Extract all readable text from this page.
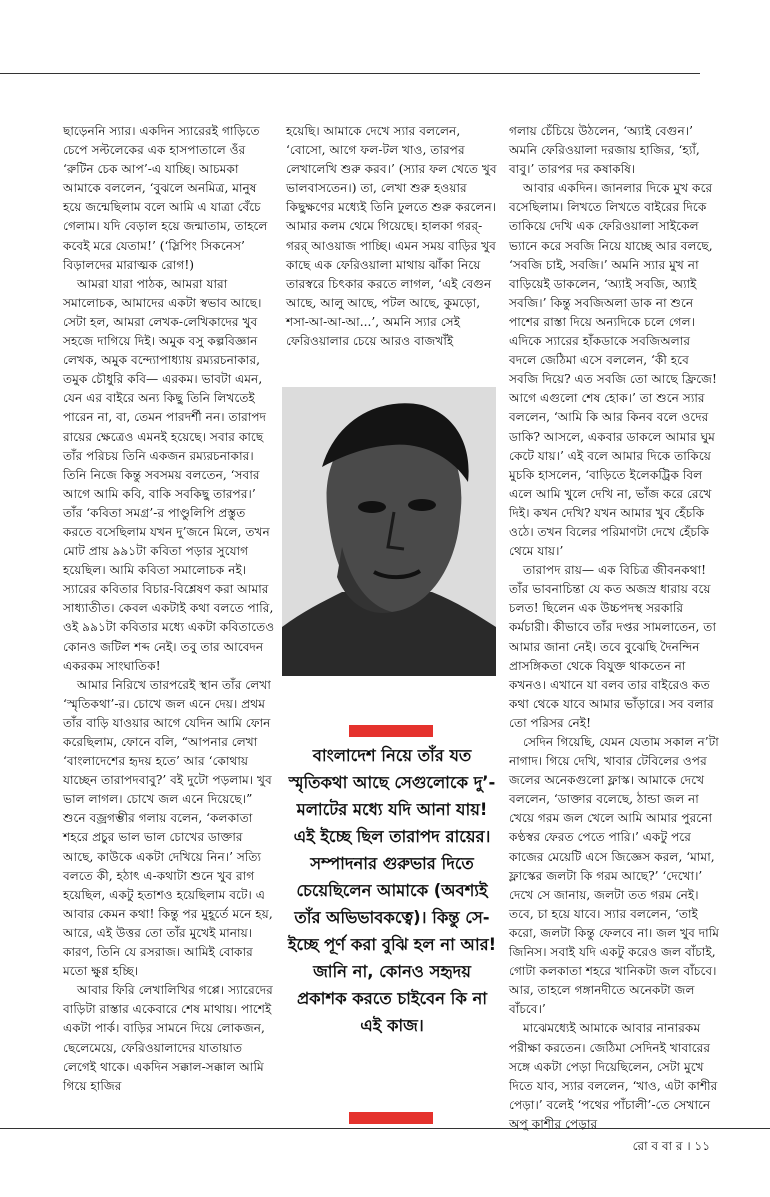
ছাড়েননি স্যার। একদিন স্যারেরই গাড়িতে চেপে সল্টলেকের এক হাসপাতালে ওঁর ‘রুটিন চেক আপ’-এ যাচ্ছি। আচমকা আমাকে বললেন, ‘বুঝলে অনমিত্র, মানুষ হয়ে জন্মেছিলাম বলে আমি এ যাত্রা বেঁচে গেলাম। যদি বেড়াল হয়ে জন্মাতাম, তাহলে কবেই মরে যেতাম!’ (‘স্লিপিং সিকনেস’ বিড়ালদের মারাত্মক রোগ!)

আমরা যারা পাঠক, আমরা যারা সমালোচক, আমাদের একটা স্বভাব আছে। সেটা হল, আমরা লেখক-লেখিকাদের খুব সহজে দাগিয়ে দিই। অমুক বসু কল্পবিজ্ঞান লেখক, অমুক বন্দ্যোপাধ্যায় রম্যরচনাকার, তমুক চৌধুরি কবি— এরকম। ভাবটা এমন, যেন এর বাইরে অন্য কিছু তিনি লিখতেই পারেন না, বা, তেমন পারদর্শী নন। তারাপদ রায়ের ক্ষেত্রেও এমনই হয়েছে। সবার কাছে তাঁর পরিচয় তিনি একজন রম্যরচনাকার। তিনি নিজে কিন্তু সবসময় বলতেন, ‘সবার আগে আমি কবি, বাকি সবকিছু তারপর।’ তাঁর ‘কবিতা সমগ্র’-র পাণ্ডুলিপি প্রস্তুত করতে বসেছিলাম যখন দু’জনে মিলে, তখন মোট প্রায় ৯৯১টা কবিতা পড়ার সুযোগ হয়েছিল। আমি কবিতা সমালোচক নই। স্যারের কবিতার বিচার-বিশ্লেষণ করা আমার সাধ্যাতীত। কেবল একটাই কথা বলতে পারি, ওই ৯৯১টা কবিতার মধ্যে একটা কবিতাতেও কোনও জটিল শব্দ নেই। তবু তার আবেদন একরকম সাংঘাতিক!

আমার নিরিখে তারপরেই স্থান তাঁর লেখা ‘স্মৃতিকথা’-র। চোখে জল এনে দেয়। প্রথম তাঁর বাড়ি যাওয়ার আগে যেদিন আমি ফোন করেছিলাম, ফোনে বলি, “আপনার লেখা ‘বাংলাদেশের হৃদয় হতে’ আর ‘কোথায় যাচ্ছেন তারাপদবাবু?’ বই দুটো পড়লাম। খুব ভাল লাগল। চোখে জল এনে দিয়েছে।” শুনে বজ্রগম্ভীর গলায় বলেন, ‘কলকাতা শহরে প্রচুর ভাল ভাল চোখের ডাক্তার আছে, কাউকে একটা দেখিয়ে নিন।’ সত্যি বলতে কী, হঠাৎ এ-কথাটা শুনে খুব রাগ হয়েছিল, একটু হতাশও হয়েছিলাম বটে। এ আবার কেমন কথা! কিন্তু পর মুহূর্তে মনে হয়, আরে, এই উত্তর তো তাঁর মুখেই মানায়। কারণ, তিনি যে রসরাজ। আমিই বোকার মতো ক্ষুণ্ণ হচ্ছি।

আবার ফিরি লেখালিখির গপ্পে। স্যারেদের বাড়িটা রাস্তার একেবারে শেষ মাথায়। পাশেই একটা পার্ক। বাড়ির সামনে দিয়ে লোকজন, ছেলেমেয়ে, ফেরিওয়ালাদের যাতায়াত লেগেই থাকে। একদিন সক্কাল-সক্কাল আমি গিয়ে হাজির

হয়েছি। আমাকে দেখে স্যার বললেন, ‘বোসো, আগে ফল-টল খাও, তারপর লেখালেখি শুরু করব।’ (স্যার ফল খেতে খুব ভালবাসতেন।) তা, লেখা শুরু হওয়ার কিছুক্ষণের মধ্যেই তিনি ঢুলতে শুরু করলেন। আমার কলম থেমে গিয়েছে। হালকা গরর্-গরর্ আওয়াজ পাচ্ছি। এমন সময় বাড়ির খুব কাছে এক ফেরিওয়ালা মাথায় ঝাঁকা নিয়ে তারস্বরে চিৎকার করতে লাগল, ‘এই বেগুন আছে, আলু আছে, পটল আছে, কুমড়ো, শসা-আ-আ-আ...’, অমনি স্যার সেই ফেরিওয়ালার চেয়ে আরও বাজখাঁই

বাংলাদেশ নিয়ে তাঁর যত স্মৃতিকথা আছে সেগুলোকে দু’-মলাটের মধ্যে যদি আনা যায়! এই ইচ্ছে ছিল তারাপদ রায়ের। সম্পাদনার গুরুভার দিতে চেয়েছিলেন আমাকে (অবশ্যই তাঁর অভিভাবকত্বে)। কিন্তু সে-ইচ্ছে পূর্ণ করা বুঝি হল না আর! জানি না, কোনও সহৃদয় প্রকাশক করতে চাইবেন কি না এই কাজ।

গলায় চেঁচিয়ে উঠলেন, ‘অ্যাই বেগুন।’ অমনি ফেরিওয়ালা দরজায় হাজির, ‘হ্যাঁ, বাবু।’ তারপর দর কষাকষি।

আবার একদিন। জানলার দিকে মুখ করে বসেছিলাম। লিখতে লিখতে বাইরের দিকে তাকিয়ে দেখি এক ফেরিওয়ালা সাইকেল ভ্যানে করে সবজি নিয়ে যাচ্ছে আর বলছে, ‘সবজি চাই, সবজি।’ অমনি স্যার মুখ না বাড়িয়েই ডাকলেন, ‘অ্যাই সবজি, অ্যাই সবজি।’ কিন্তু সবজিঅলা ডাক না শুনে পাশের রাস্তা দিয়ে অন্যদিকে চলে গেল। এদিকে স্যারের হাঁকডাকে সবজিঅলার বদলে জেঠিমা এসে বললেন, ‘কী হবে সবজি দিয়ে? এত সবজি তো আছে ফ্রিজে! আগে এগুলো শেষ হোক।’ তা শুনে স্যার বললেন, ‘আমি কি আর কিনব বলে ওদের ডাকি? আসলে, একবার ডাকলে আমার ঘুম কেটে যায়।’ এই বলে আমার দিকে তাকিয়ে মুচকি হাসলেন, ‘বাড়িতে ইলেকট্রিক বিল এলে আমি খুলে দেখি না, ভাঁজ করে রেখে দিই। কখন দেখি? যখন আমার খুব হেঁচকি ওঠে। তখন বিলের পরিমাণটা দেখে হেঁচকি থেমে যায়।’

তারাপদ রায়— এক বিচিত্র জীবনকথা! তাঁর ভাবনাচিন্তা যে কত অজস্র ধারায় বয়ে চলত! ছিলেন এক উচ্চপদস্থ সরকারি কর্মচারী। কীভাবে তাঁর দপ্তর সামলাতেন, তা আমার জানা নেই। তবে বুঝেছি দৈনন্দিন প্রাসঙ্গিকতা থেকে বিযুক্ত থাকতেন না কখনও। এখানে যা বলব তার বাইরেও কত কথা থেকে যাবে আমার ভাঁড়ারে। সব বলার তো পরিসর নেই!

সেদিন গিয়েছি, যেমন যেতাম সকাল ন’টা নাগাদ। গিয়ে দেখি, খাবার টেবিলের ওপর জলের অনেকগুলো ফ্লাস্ক। আমাকে দেখে বললেন, ‘ডাক্তার বলেছে, ঠান্ডা জল না খেয়ে গরম জল খেলে আমি আমার পুরনো কণ্ঠস্বর ফেরত পেতে পারি।’ একটু পরে কাজের মেয়েটি এসে জিজ্ঞেস করল, ‘মামা, ফ্লাস্কের জলটা কি গরম আছে?’ ‘দেখো।’ দেখে সে জানায়, জলটা তত গরম নেই। তবে, চা হয়ে যাবে। স্যার বললেন, ‘তাই করো, জলটা কিন্তু ফেলবে না। জল খুব দামি জিনিস। সবাই যদি একটু করেও জল বাঁচাই, গোটা কলকাতা শহরে খানিকটা জল বাঁচবে। আর, তাহলে গঙ্গানদীতে অনেকটা জল বাঁচবে।’

মাঝেমধ্যেই আমাকে আবার নানারকম পরীক্ষা করতেন। জেঠিমা সেদিনই খাবারের সঙ্গে একটা পেড়া দিয়েছিলেন, সেটা মুখে দিতে যাব, স্যার বললেন, ‘খাও, এটা কাশীর পেড়া।’ বলেই ‘পথের পাঁচালী’-তে সেখানে অপু কাশীর পেড়ার

রো ব বা র । ১১
